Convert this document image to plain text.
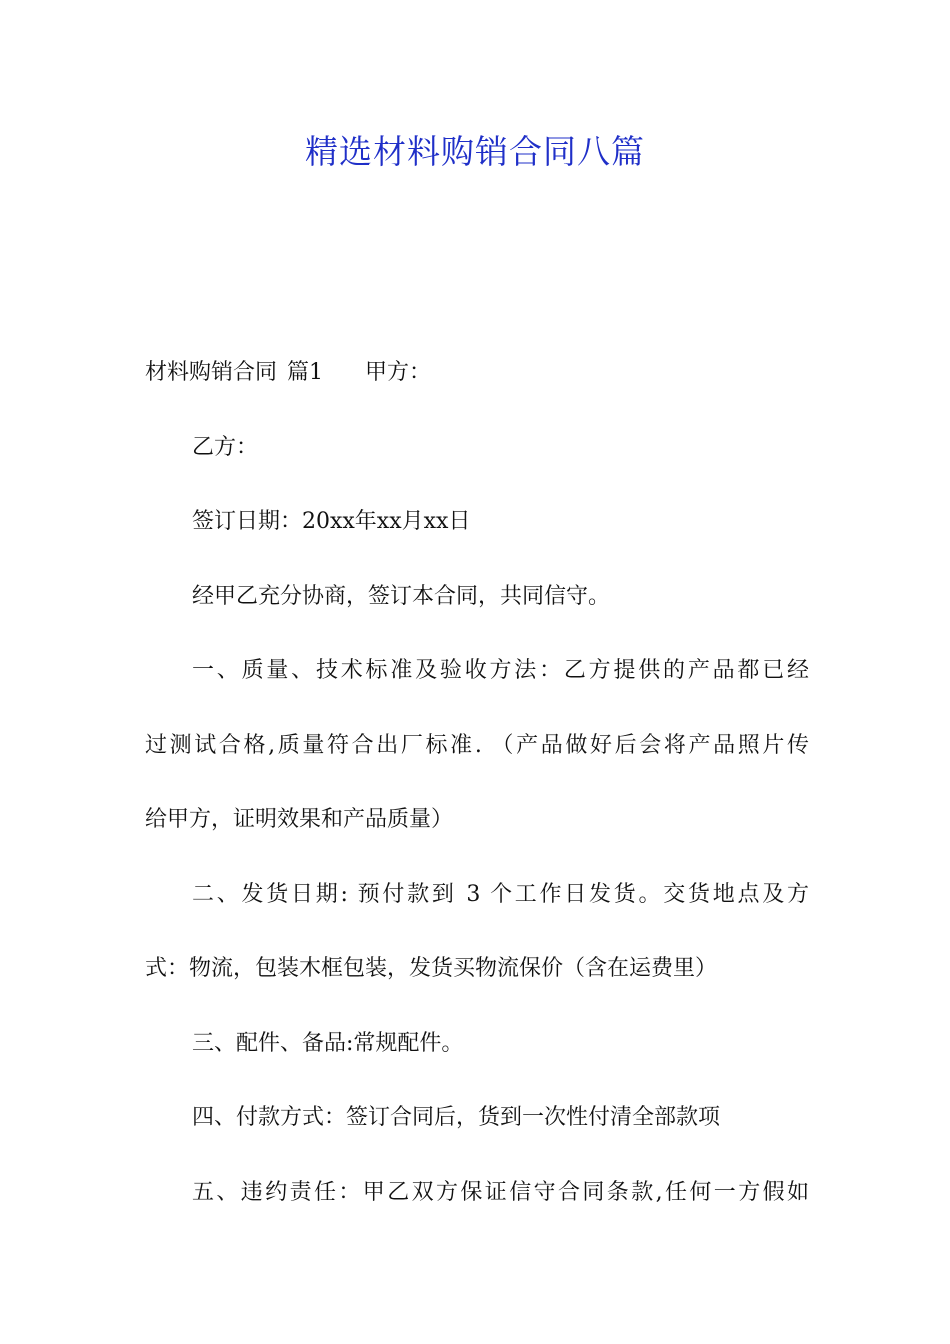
精选材料购销合同八篇
材料购销合同 篇1 甲方：
乙方：
签订日期：20xx年xx月xx日
经甲乙充分协商，签订本合同，共同信守。
一、质量、技术标准及验收方法：乙方提供的产品都已经
过测试合格,质量符合出厂标准. （产品做好后会将产品照片传
给甲方，证明效果和产品质量）
二、发货日期: 预付款到 3 个工作日发货。交货地点及方
式：物流，包装木框包装，发货买物流保价（含在运费里）
三、配件、备品:常规配件。
四、付款方式：签订合同后，货到一次性付清全部款项
五、违约责任：甲乙双方保证信守合同条款,任何一方假如
